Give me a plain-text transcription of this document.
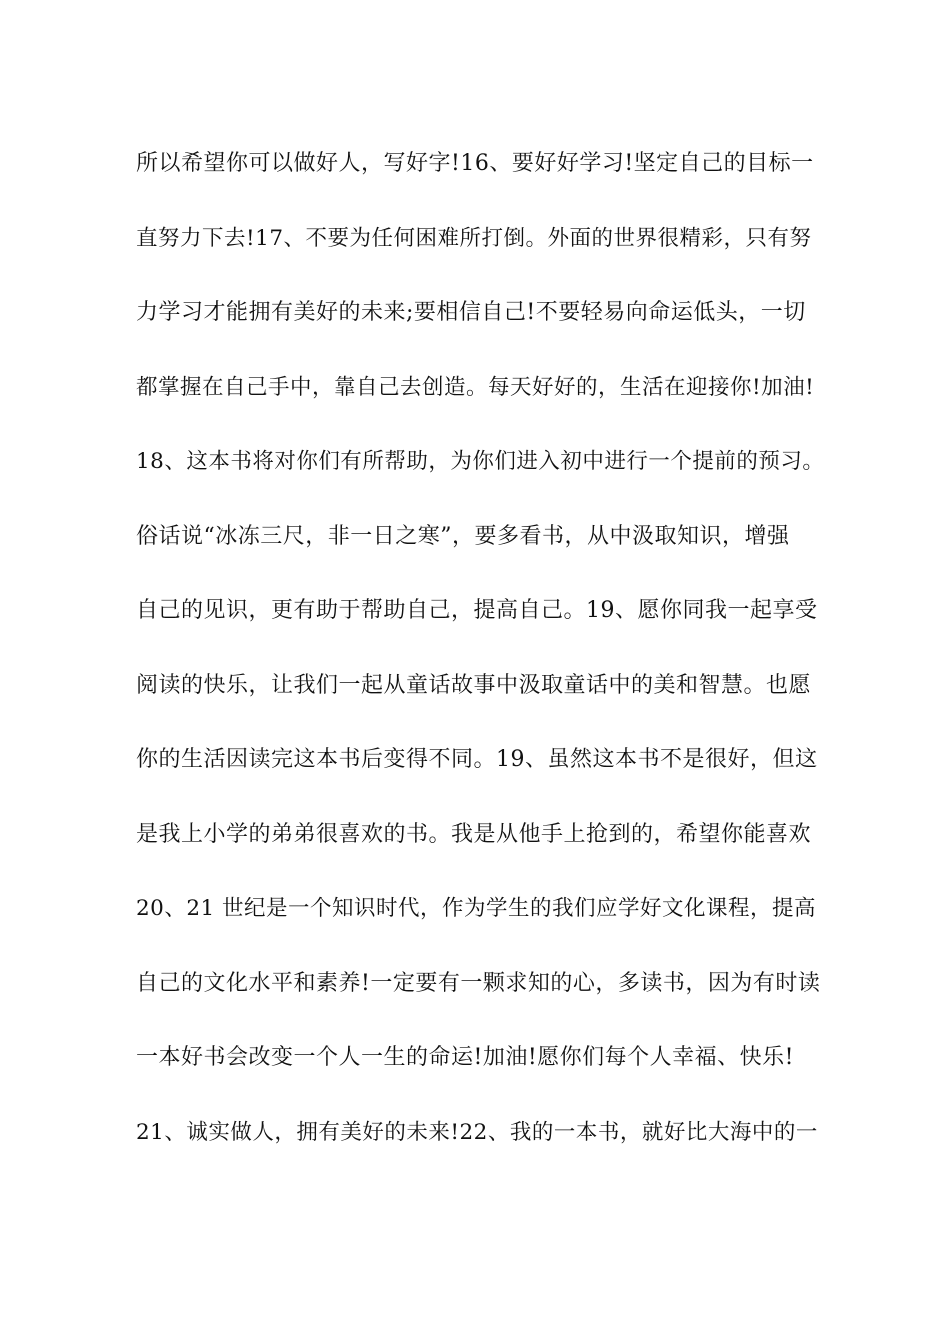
所以希望你可以做好人，写好字!16、要好好学习!坚定自己的目标一
直努力下去!17、不要为任何困难所打倒。外面的世界很精彩，只有努
力学习才能拥有美好的未来;要相信自己!不要轻易向命运低头，一切
都掌握在自己手中，靠自己去创造。每天好好的，生活在迎接你!加油!
18、这本书将对你们有所帮助，为你们进入初中进行一个提前的预习。
俗话说“冰冻三尺，非一日之寒”，要多看书，从中汲取知识，增强
自己的见识，更有助于帮助自己，提高自己。19、愿你同我一起享受
阅读的快乐，让我们一起从童话故事中汲取童话中的美和智慧。也愿
你的生活因读完这本书后变得不同。19、虽然这本书不是很好，但这
是我上小学的弟弟很喜欢的书。我是从他手上抢到的，希望你能喜欢
20、21 世纪是一个知识时代，作为学生的我们应学好文化课程，提高
自己的文化水平和素养!一定要有一颗求知的心，多读书，因为有时读
一本好书会改变一个人一生的命运!加油!愿你们每个人幸福、快乐!
21、诚实做人，拥有美好的未来!22、我的一本书，就好比大海中的一
